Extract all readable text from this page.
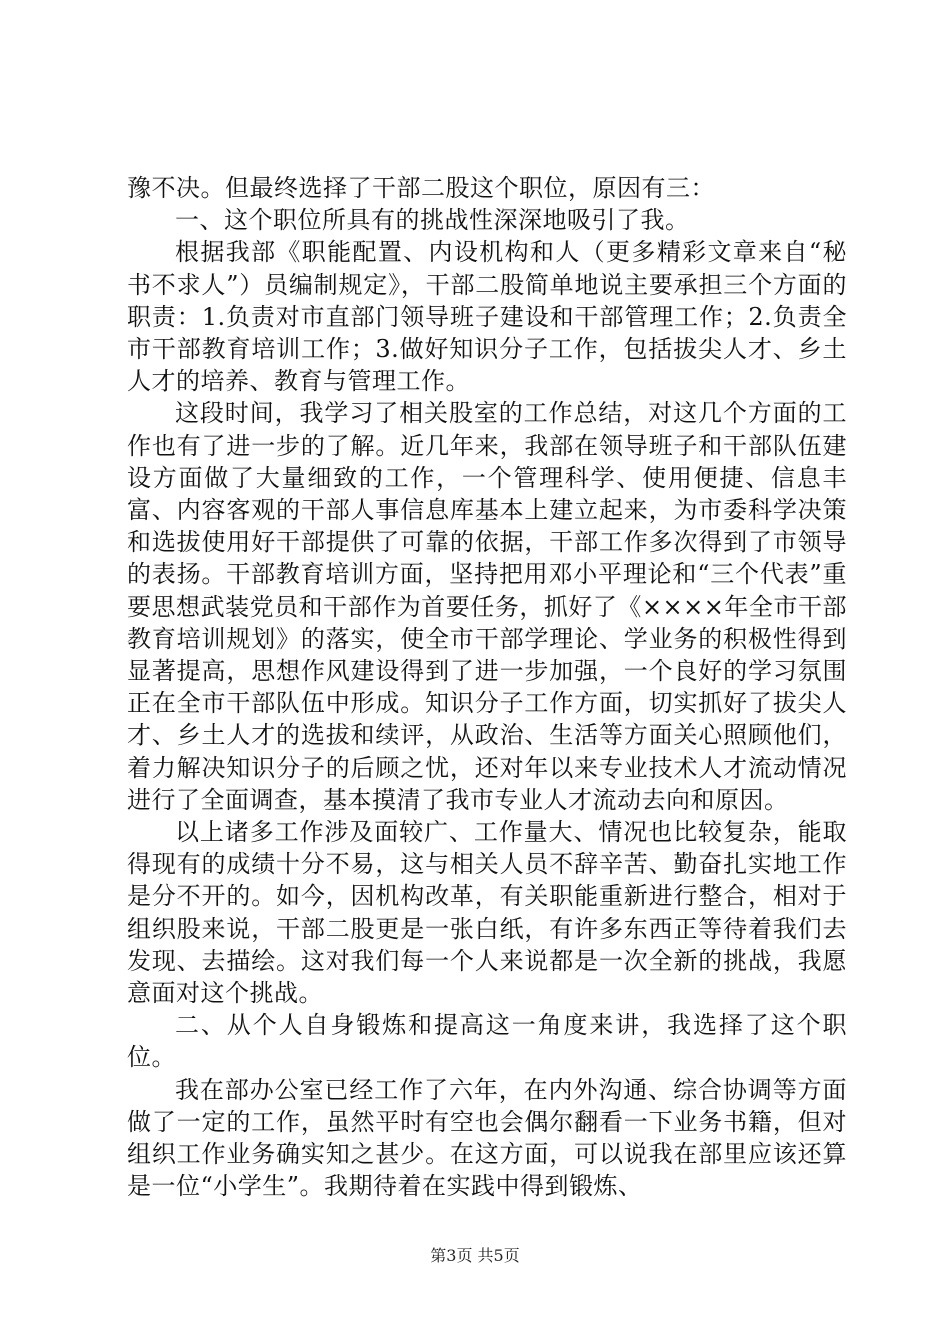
豫不决。但最终选择了干部二股这个职位，原因有三：

一、这个职位所具有的挑战性深深地吸引了我。

根据我部《职能配置、内设机构和人（更多精彩文章来自“秘书不求人”）员编制规定》，干部二股简单地说主要承担三个方面的职责：1.负责对市直部门领导班子建设和干部管理工作；2.负责全市干部教育培训工作；3.做好知识分子工作，包括拔尖人才、乡土人才的培养、教育与管理工作。

这段时间，我学习了相关股室的工作总结，对这几个方面的工作也有了进一步的了解。近几年来，我部在领导班子和干部队伍建设方面做了大量细致的工作，一个管理科学、使用便捷、信息丰富、内容客观的干部人事信息库基本上建立起来，为市委科学决策和选拔使用好干部提供了可靠的依据，干部工作多次得到了市领导的表扬。干部教育培训方面，坚持把用邓小平理论和“三个代表”重要思想武装党员和干部作为首要任务，抓好了《××××年全市干部教育培训规划》的落实，使全市干部学理论、学业务的积极性得到显著提高，思想作风建设得到了进一步加强，一个良好的学习氛围正在全市干部队伍中形成。知识分子工作方面，切实抓好了拔尖人才、乡土人才的选拔和续评，从政治、生活等方面关心照顾他们，着力解决知识分子的后顾之忧，还对年以来专业技术人才流动情况进行了全面调查，基本摸清了我市专业人才流动去向和原因。

以上诸多工作涉及面较广、工作量大、情况也比较复杂，能取得现有的成绩十分不易，这与相关人员不辞辛苦、勤奋扎实地工作是分不开的。如今，因机构改革，有关职能重新进行整合，相对于组织股来说，干部二股更是一张白纸，有许多东西正等待着我们去发现、去描绘。这对我们每一个人来说都是一次全新的挑战，我愿意面对这个挑战。

二、从个人自身锻炼和提高这一角度来讲，我选择了这个职位。

我在部办公室已经工作了六年，在内外沟通、综合协调等方面做了一定的工作，虽然平时有空也会偶尔翻看一下业务书籍，但对组织工作业务确实知之甚少。在这方面，可以说我在部里应该还算是一位“小学生”。我期待着在实践中得到锻炼、

第3页 共5页
